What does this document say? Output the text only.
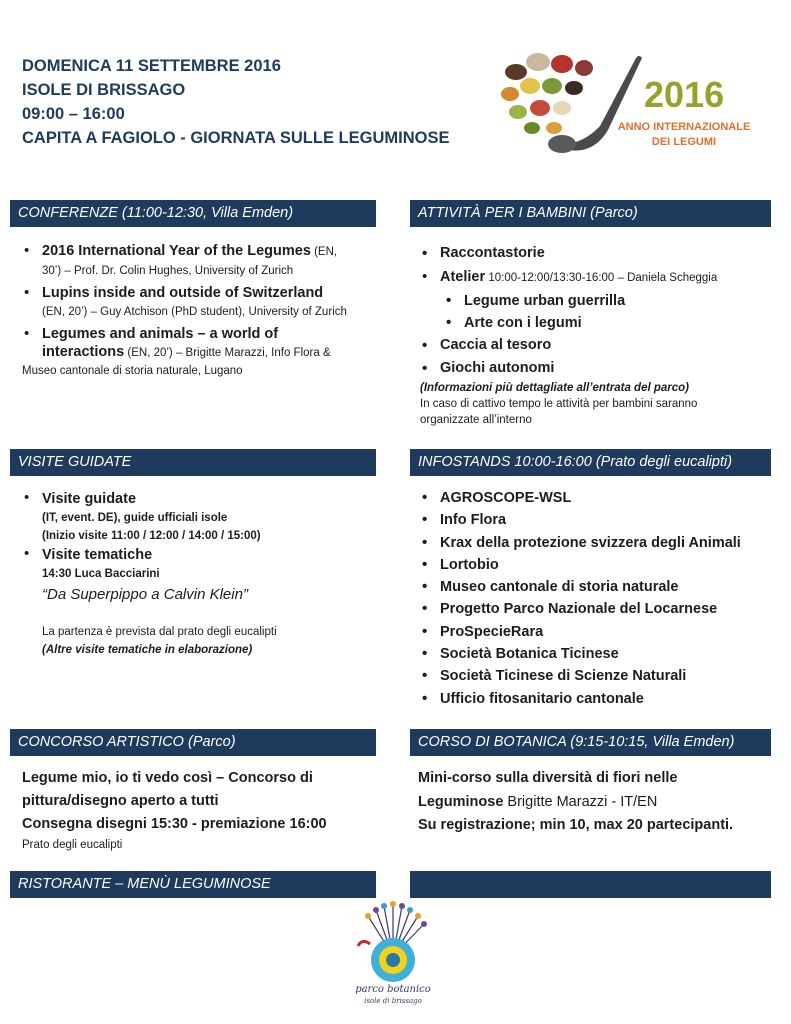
DOMENICA 11 SETTEMBRE 2016
ISOLE DI BRISSAGO
09:00 – 16:00
CAPITA A FAGIOLO - GIORNATA SULLE LEGUMINOSE
2016
ANNO INTERNAZIONALE
DEI LEGUMI
CONFERENZE (11:00-12:30, Villa Emden)
• 2016 International Year of the Legumes (EN,
30’) – Prof. Dr. Colin Hughes, University of Zurich
• Lupins inside and outside of Switzerland
(EN, 20’) – Guy Atchison (PhD student), University of Zurich
• Legumes and animals – a world of
interactions (EN, 20’) – Brigitte Marazzi, Info Flora &
Museo cantonale di storia naturale, Lugano
ATTIVITÀ PER I BAMBINI (Parco)
• Raccontastorie
• Atelier 10:00-12:00/13:30-16:00 – Daniela Scheggia
• Legume urban guerrilla
• Arte con i legumi
• Caccia al tesoro
• Giochi autonomi
(Informazioni più dettagliate all’entrata del parco)
In caso di cattivo tempo le attività per bambini saranno organizzate all’interno
VISITE GUIDATE
• Visite guidate
(IT, event. DE), guide ufficiali isole
(Inizio visite 11:00 / 12:00 / 14:00 / 15:00)
• Visite tematiche
14:30 Luca Bacciarini
“Da Superpippo a Calvin Klein”
La partenza è prevista dal prato degli eucalipti
(Altre visite tematiche in elaborazione)
INFOSTANDS 10:00-16:00 (Prato degli eucalipti)
• AGROSCOPE-WSL
• Info Flora
• Krax della protezione svizzera degli Animali
• Lortobio
• Museo cantonale di storia naturale
• Progetto Parco Nazionale del Locarnese
• ProSpecieRara
• Società Botanica Ticinese
• Società Ticinese di Scienze Naturali
• Ufficio fitosanitario cantonale
CONCORSO ARTISTICO (Parco)
Legume mio, io ti vedo così – Concorso di
pittura/disegno aperto a tutti
Consegna disegni 15:30 - premiazione 16:00
Prato degli eucalipti
CORSO DI BOTANICA (9:15-10:15, Villa Emden)
Mini-corso sulla diversità di fiori nelle
Leguminose Brigitte Marazzi - IT/EN
Su registrazione; min 10, max 20 partecipanti.
RISTORANTE – MENÙ LEGUMINOSE
parco botanico
isole di brissago
